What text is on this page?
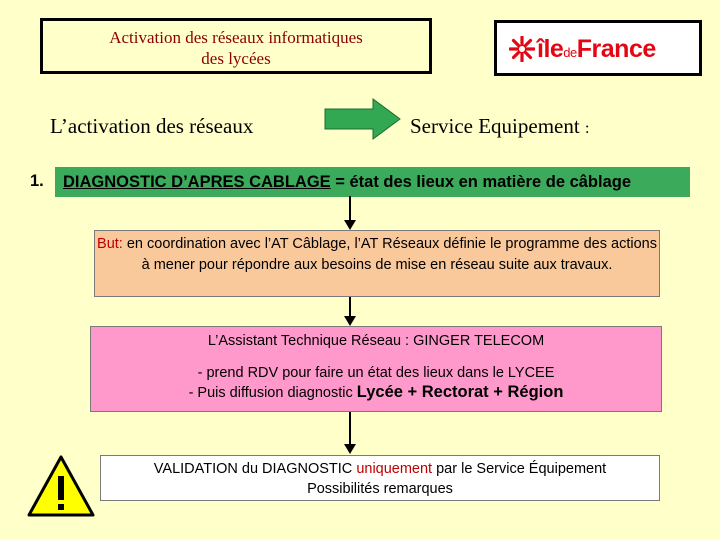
Activation des réseaux informatiques
des lycées	îledeFrance
L’activation des réseaux	Service Equipement :
1.	DIAGNOSTIC D’APRES CABLAGE = état des lieux en matière de câblage
But: en coordination avec l’AT Câblage, l’AT Réseaux définie le programme des actions à mener pour répondre aux besoins de mise en réseau suite aux travaux.
L’Assistant Technique Réseau : GINGER TELECOM
- prend RDV pour faire un état des lieux dans le LYCEE
- Puis diffusion diagnostic Lycée + Rectorat + Région
VALIDATION du DIAGNOSTIC uniquement par le Service Équipement
Possibilités remarques
